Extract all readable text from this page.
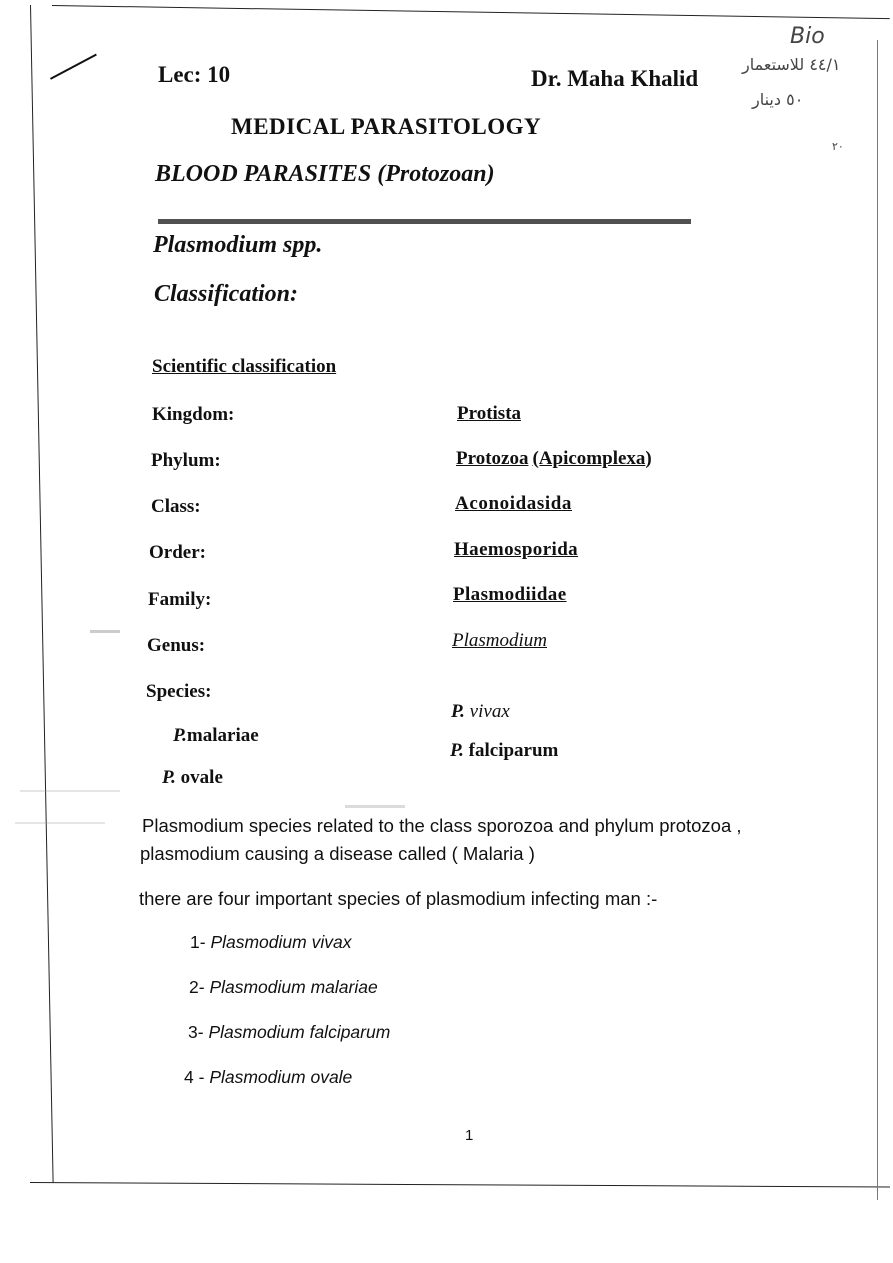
Bio
٤٤/١ للاستعمار
٥٠ دينار
٢٠
Lec: 10	Dr. Maha Khalid
MEDICAL PARASITOLOGY
BLOOD PARASITES (Protozoan)
Plasmodium spp.
Classification:
Scientific classification
Kingdom:	Protista
Phylum:	Protozoa (Apicomplexa)
Class:	Aconoidasida
Order:	Haemosporida
Family:	Plasmodiidae
Genus:	Plasmodium
Species:
P.malariae
P. ovale
P. vivax
P. falciparum
Plasmodium species related to the class sporozoa and phylum protozoa ,
plasmodium causing a disease called ( Malaria )
there are four important species of plasmodium infecting man :-
1- Plasmodium vivax
2- Plasmodium malariae
3- Plasmodium falciparum
4 - Plasmodium ovale
1
